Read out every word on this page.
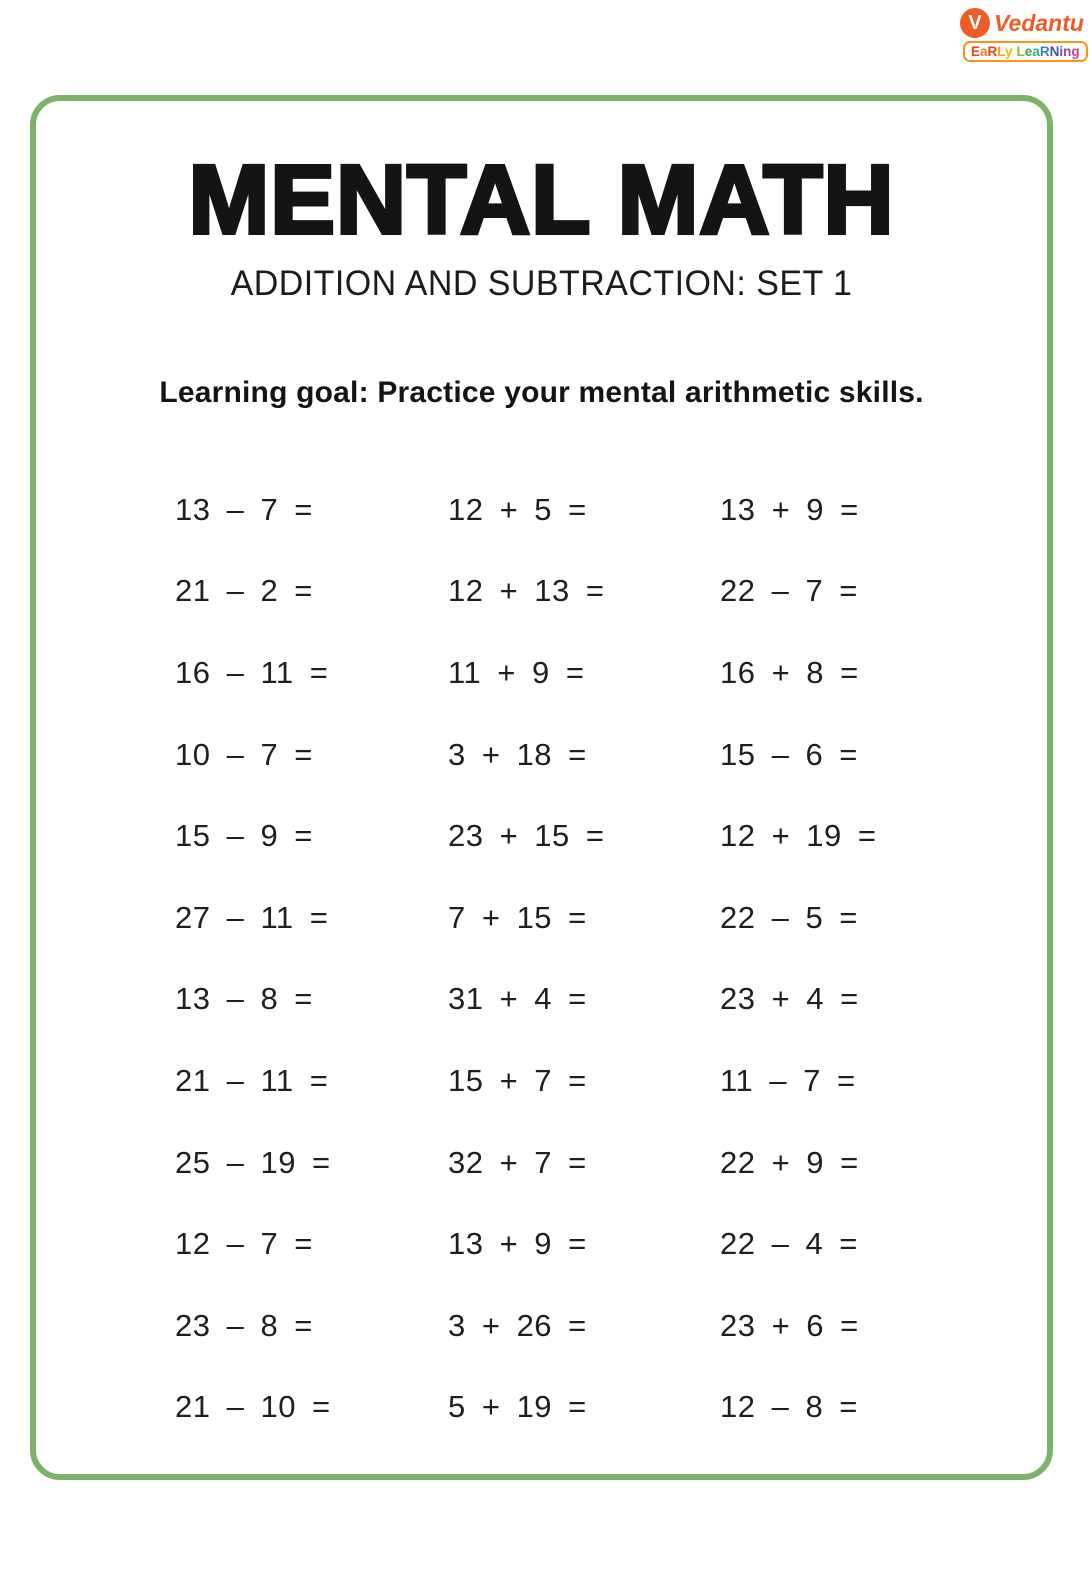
V Vedantu
EaRLy LeaRNing
MENTAL MATH
ADDITION AND SUBTRACTION: SET 1
Learning goal: Practice your mental arithmetic skills.
13 – 7 =	12 + 5 =	13 + 9 =
21 – 2 =	12 + 13 =	22 – 7 =
16 – 11 =	11 + 9 =	16 + 8 =
10 – 7 =	3 + 18 =	15 – 6 =
15 – 9 =	23 + 15 =	12 + 19 =
27 – 11 =	7 + 15 =	22 – 5 =
13 – 8 =	31 + 4 =	23 + 4 =
21 – 11 =	15 + 7 =	11 – 7 =
25 – 19 =	32 + 7 =	22 + 9 =
12 – 7 =	13 + 9 =	22 – 4 =
23 – 8 =	3 + 26 =	23 + 6 =
21 – 10 =	5 + 19 =	12 – 8 =
